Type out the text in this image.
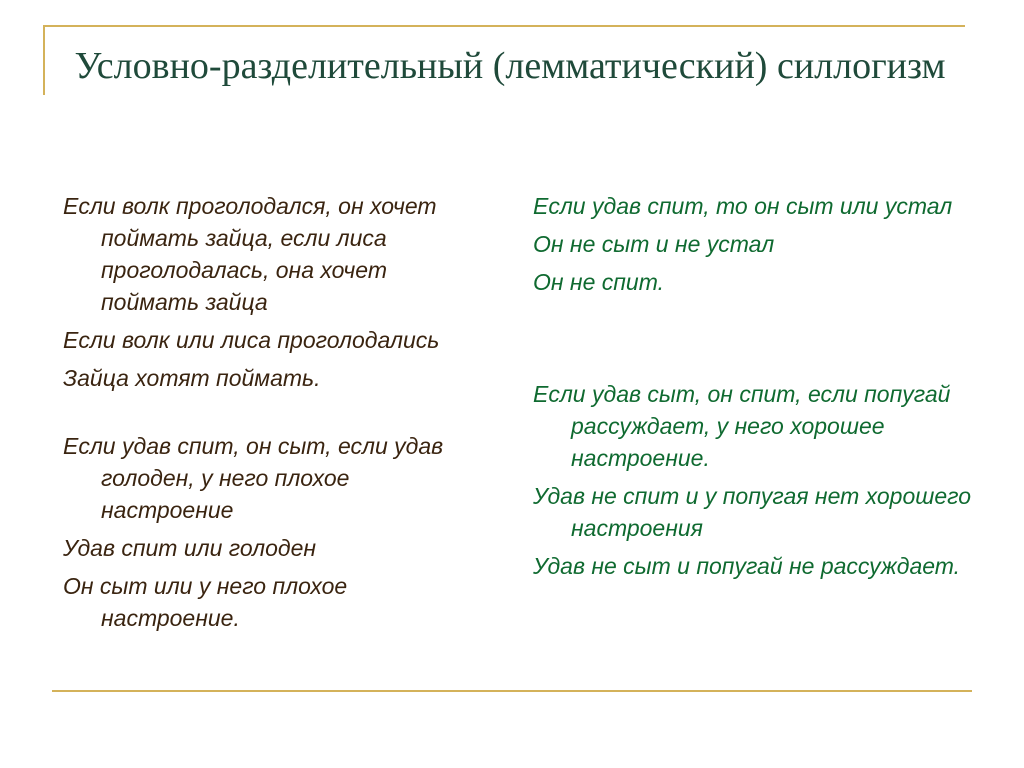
Условно-разделительный (лемматический) силлогизм

Если волк проголодался, он хочет поймать зайца, если лиса проголодалась, она хочет поймать зайца

Если волк или лиса проголодались

Зайца хотят поймать.

Если удав спит, он сыт, если удав голоден, у него плохое настроение

Удав спит или голоден

Он сыт или у него плохое настроение.

Если удав спит, то он сыт или устал

Он не сыт и не устал

Он не спит.

Если удав сыт, он спит, если попугай рассуждает, у него хорошее настроение.

Удав не спит и у попугая нет хорошего настроения

Удав не сыт и попугай не рассуждает.
